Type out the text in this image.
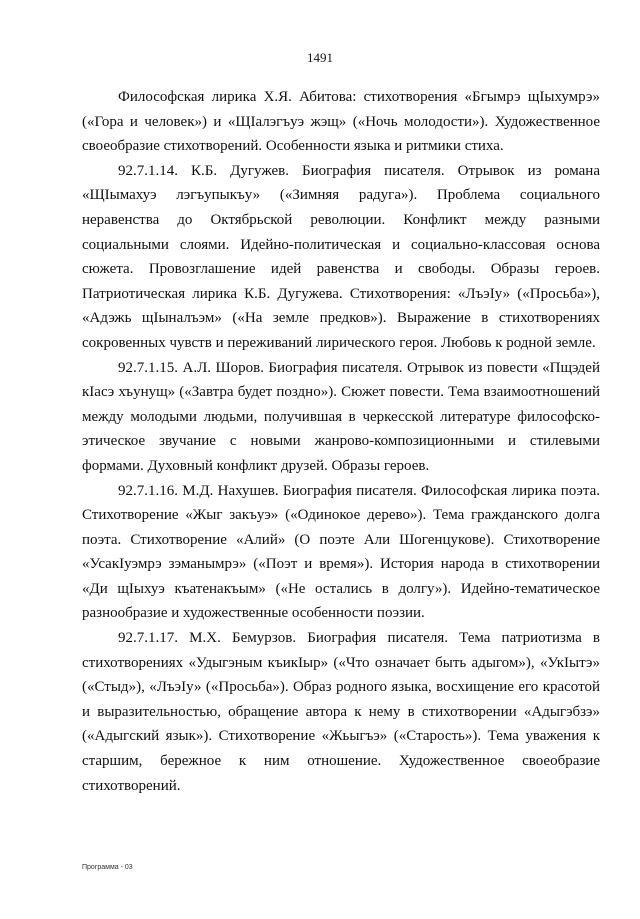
1491

Философская лирика Х.Я. Абитова: стихотворения «Бгымрэ щIыхумрэ» («Гора и человек») и «ЩIалэгъуэ жэщ» («Ночь молодости»). Художественное своеобразие стихотворений. Особенности языка и ритмики стиха.

92.7.1.14. К.Б. Дугужев. Биография писателя. Отрывок из романа «ЩIымахуэ лэгъупыкъу» («Зимняя радуга»). Проблема социального неравенства до Октябрьской революции. Конфликт между разными социальными слоями. Идейно-политическая и социально-классовая основа сюжета. Провозглашение идей равенства и свободы. Образы героев. Патриотическая лирика К.Б. Дугужева. Стихотворения: «ЛъэIу» («Просьба»), «Адэжь щIыналъэм» («На земле предков»). Выражение в стихотворениях сокровенных чувств и переживаний лирического героя. Любовь к родной земле.

92.7.1.15. А.Л. Шоров. Биография писателя. Отрывок из повести «Пщэдей кIасэ хъунущ» («Завтра будет поздно»). Сюжет повести. Тема взаимоотношений между молодыми людьми, получившая в черкесской литературе философско-этическое звучание с новыми жанрово-композиционными и стилевыми формами. Духовный конфликт друзей. Образы героев.

92.7.1.16. М.Д. Нахушев. Биография писателя. Философская лирика поэта. Стихотворение «Жыг закъуэ» («Одинокое дерево»). Тема гражданского долга поэта. Стихотворение «Алий» (О поэте Али Шогенцукове). Стихотворение «УсакIуэмрэ зэманымрэ» («Поэт и время»). История народа в стихотворении «Ди щIыхуэ къатенакъым» («Не остались в долгу»). Идейно-тематическое разнообразие и художественные особенности поэзии.

92.7.1.17. М.Х. Бемурзов. Биография писателя. Тема патриотизма в стихотворениях «Удыгэным къикIыр» («Что означает быть адыгом»), «УкIытэ» («Стыд»), «ЛъэIу» («Просьба»). Образ родного языка, восхищение его красотой и выразительностью, обращение автора к нему в стихотворении «Адыгэбзэ» («Адыгский язык»). Стихотворение «Жьыгъэ» («Старость»). Тема уважения к старшим, бережное к ним отношение. Художественное своеобразие стихотворений.

Программа - 03
